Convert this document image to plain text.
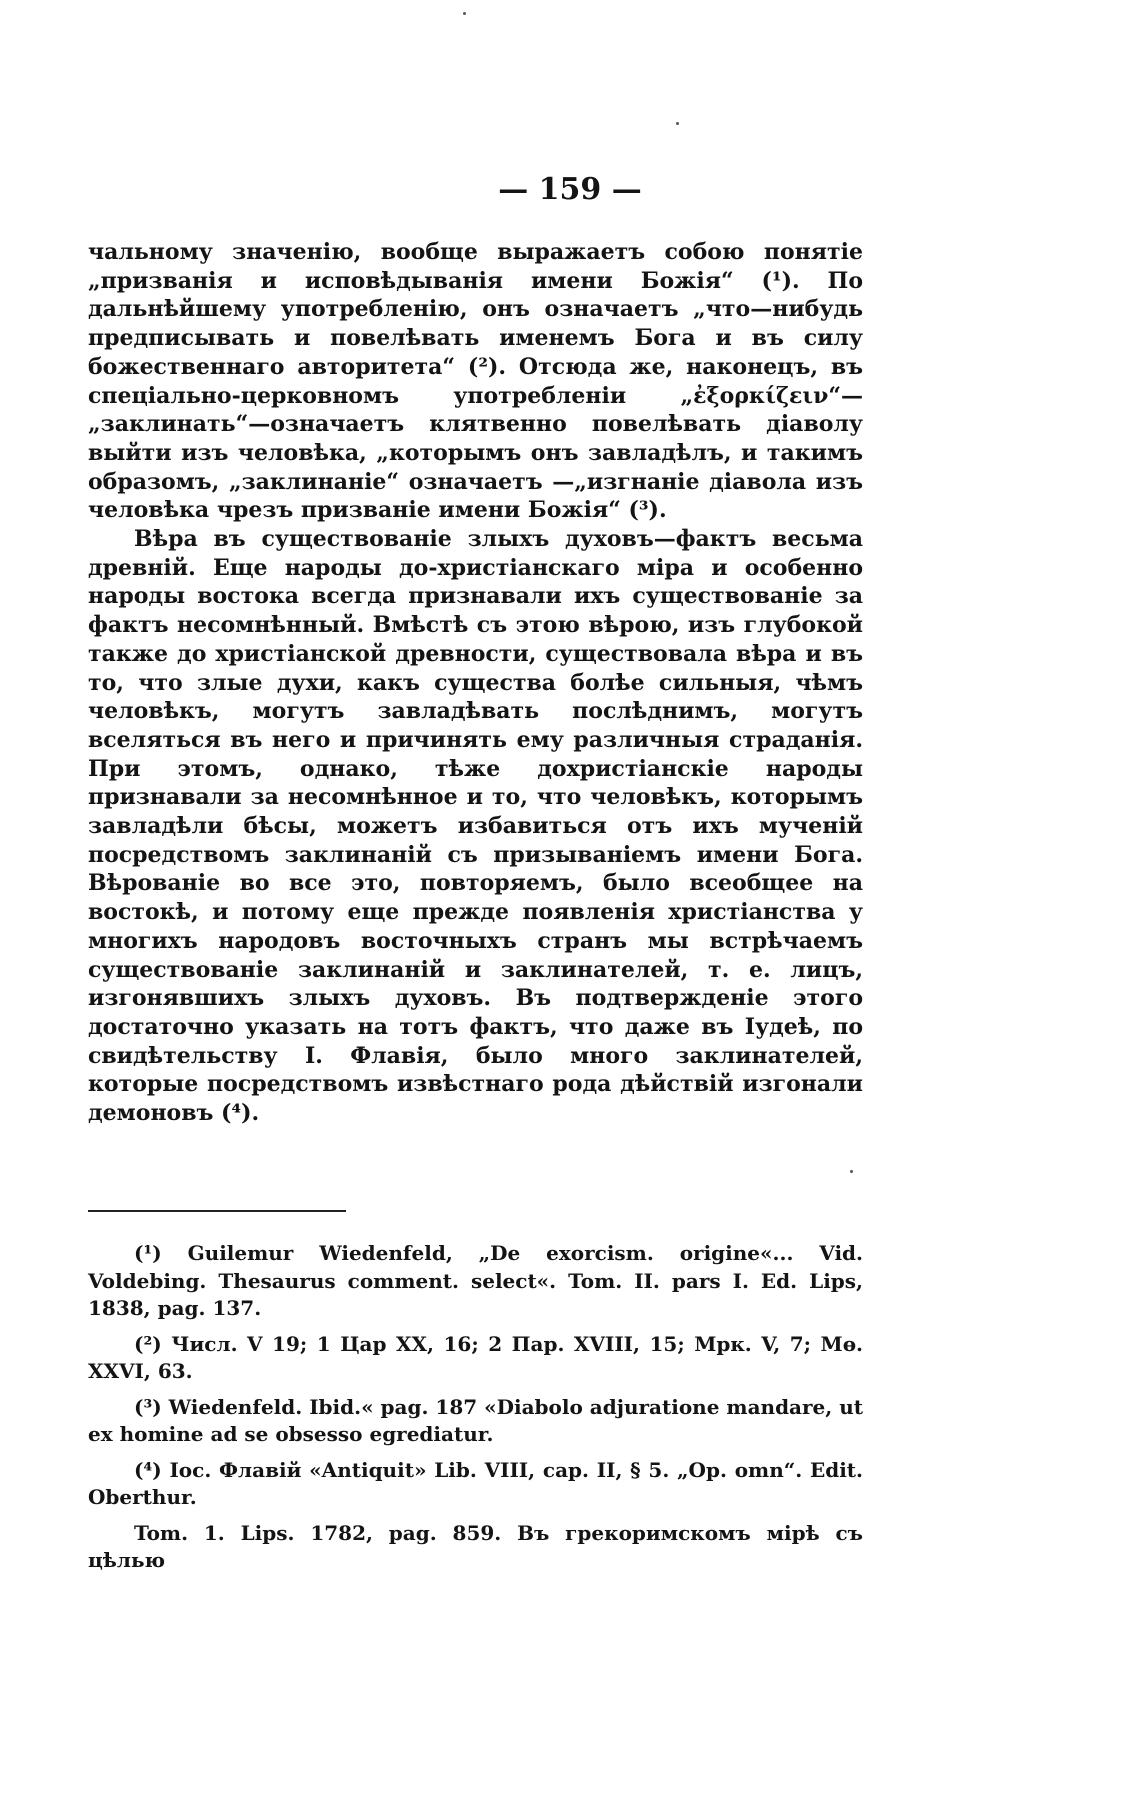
— 159 —

чальному значенію, вообще выражаетъ собою понятіе „призванія и исповѣдыванія имени Божія“ (¹). По дальнѣйшему употребленію, онъ означаетъ „что—нибудь предписывать и повелѣвать именемъ Бога и въ силу божественнаго авторитета“ (²). Отсюда же, наконецъ, въ спеціально-церковномъ употребленіи „ἐξορκίζειν“—„заклинать“—означаетъ клятвенно повелѣвать діаволу выйти изъ человѣка, „которымъ онъ завладѣлъ, и такимъ образомъ, „заклинаніе“ означаетъ —„изгнаніе діавола изъ человѣка чрезъ призваніе имени Божія“ (³).

Вѣра въ существованіе злыхъ духовъ—фактъ весьма древній. Еще народы до-христіанскаго міра и особенно народы востока всегда признавали ихъ существованіе за фактъ несомнѣнный. Вмѣстѣ съ этою вѣрою, изъ глубокой также до христіанской древности, существовала вѣра и въ то, что злые духи, какъ существа болѣе сильныя, чѣмъ человѣкъ, могутъ завладѣвать послѣднимъ, могутъ вселяться въ него и причинять ему различныя страданія. При этомъ, однако, тѣже дохристіанскіе народы признавали за несомнѣнное и то, что человѣкъ, которымъ завладѣли бѣсы, можетъ избавиться отъ ихъ мученій посредствомъ заклинаній съ призываніемъ имени Бога. Вѣрованіе во все это, повторяемъ, было всеобщее на востокѣ, и потому еще прежде появленія христіанства у многихъ народовъ восточныхъ странъ мы встрѣчаемъ существованіе заклинаній и заклинателей, т. е. лицъ, изгонявшихъ злыхъ духовъ. Въ подтвержденіе этого достаточно указать на тотъ фактъ, что даже въ Іудеѣ, по свидѣтельству І. Флавія, было много заклинателей, которые посредствомъ извѣстнаго рода дѣйствій изгонали демоновъ (⁴).

(¹) Guilemur Wiedenfeld, „De exorcism. origine«... Vid. Voldebing. Thesaurus comment. select«. Tom. II. pars I. Ed. Lips, 1838, pag. 137.

(²) Числ. V 19; 1 Цар XX, 16; 2 Пар. XVIII, 15; Мрк. V, 7; Мө. XXVI, 63.

(³) Wiedenfeld. Ibid.« pag. 187 «Diabolo adjuratione mandare, ut ex homine ad se obsesso egrediatur.

(⁴) Іос. Флавій «Antiquit» Lib. VIII, cap. II, § 5. „Op. omn“. Edit. Oberthur.

Tom. 1. Lips. 1782, pag. 859. Въ грекоримскомъ мірѣ съ цѣлью
